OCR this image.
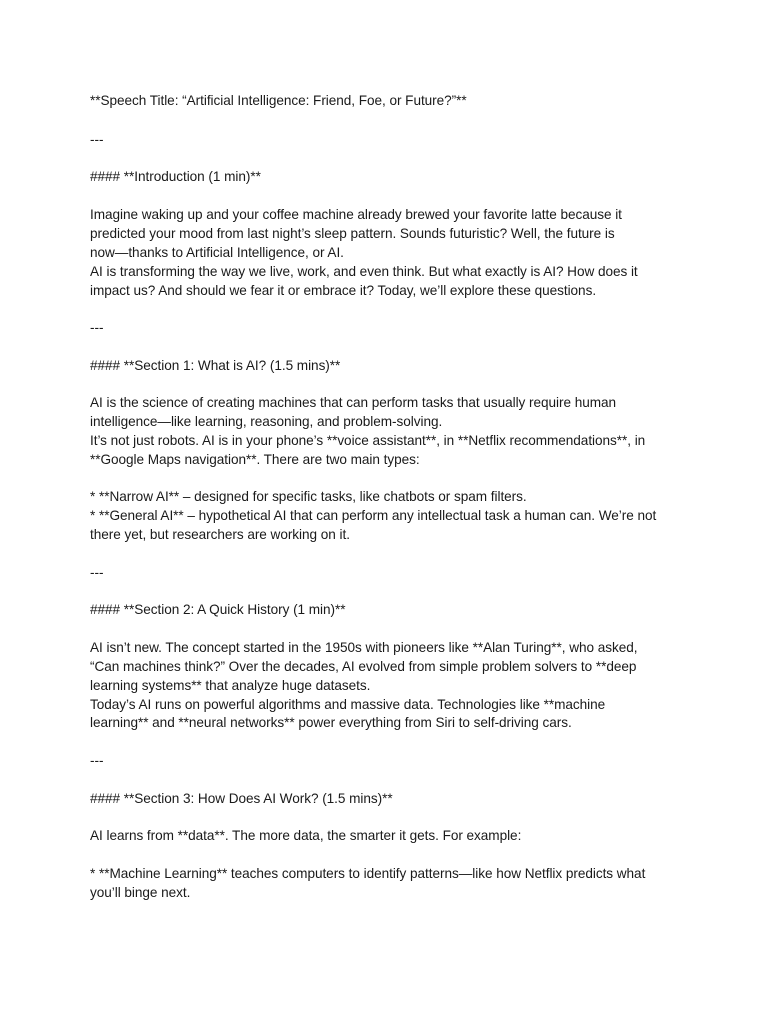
**Speech Title: “Artificial Intelligence: Friend, Foe, or Future?”**
---
#### **Introduction (1 min)**
Imagine waking up and your coffee machine already brewed your favorite latte because it
predicted your mood from last night’s sleep pattern. Sounds futuristic? Well, the future is
now—thanks to Artificial Intelligence, or AI.
AI is transforming the way we live, work, and even think. But what exactly is AI? How does it
impact us? And should we fear it or embrace it? Today, we’ll explore these questions.
---
#### **Section 1: What is AI? (1.5 mins)**
AI is the science of creating machines that can perform tasks that usually require human
intelligence—like learning, reasoning, and problem-solving.
It’s not just robots. AI is in your phone’s **voice assistant**, in **Netflix recommendations**, in
**Google Maps navigation**. There are two main types:
* **Narrow AI** – designed for specific tasks, like chatbots or spam filters.
* **General AI** – hypothetical AI that can perform any intellectual task a human can. We’re not
there yet, but researchers are working on it.
---
#### **Section 2: A Quick History (1 min)**
AI isn’t new. The concept started in the 1950s with pioneers like **Alan Turing**, who asked,
“Can machines think?” Over the decades, AI evolved from simple problem solvers to **deep
learning systems** that analyze huge datasets.
Today’s AI runs on powerful algorithms and massive data. Technologies like **machine
learning** and **neural networks** power everything from Siri to self-driving cars.
---
#### **Section 3: How Does AI Work? (1.5 mins)**
AI learns from **data**. The more data, the smarter it gets. For example:
* **Machine Learning** teaches computers to identify patterns—like how Netflix predicts what
you’ll binge next.
